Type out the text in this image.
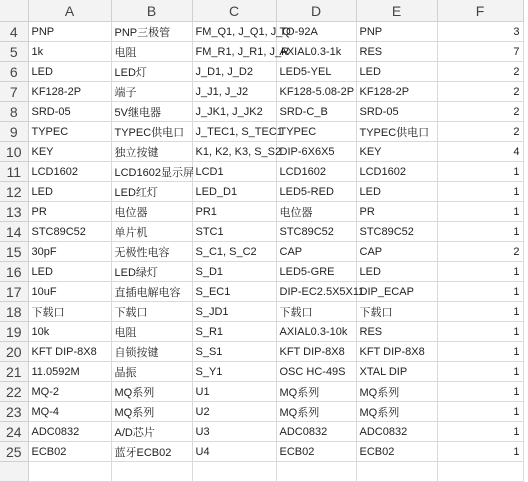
	A	B	C	D	E	F
4	PNP	PNP三极管	FM_Q1, J_Q1, J_Q	TO-92A	PNP	3
5	1k	电阻	FM_R1, J_R1, J_R	AXIAL0.3-1k	RES	7
6	LED	LED灯	J_D1, J_D2	LED5-YEL	LED	2
7	KF128-2P	端子	J_J1, J_J2	KF128-5.08-2P	KF128-2P	2
8	SRD-05	5V继电器	J_JK1, J_JK2	SRD-C_B	SRD-05	2
9	TYPEC	TYPEC供电口	J_TEC1, S_TEC1	TYPEC	TYPEC供电口	2
10	KEY	独立按键	K1, K2, K3, S_S2	DIP-6X6X5	KEY	4
11	LCD1602	LCD1602显示屏	LCD1	LCD1602	LCD1602	1
12	LED	LED红灯	LED_D1	LED5-RED	LED	1
13	PR	电位器	PR1	电位器	PR	1
14	STC89C52	单片机	STC1	STC89C52	STC89C52	1
15	30pF	无极性电容	S_C1, S_C2	CAP	CAP	2
16	LED	LED绿灯	S_D1	LED5-GRE	LED	1
17	10uF	直插电解电容	S_EC1	DIP-EC2.5X5X11	DIP_ECAP	1
18	下载口	下载口	S_JD1	下载口	下载口	1
19	10k	电阻	S_R1	AXIAL0.3-10k	RES	1
20	KFT DIP-8X8	自锁按键	S_S1	KFT DIP-8X8	KFT DIP-8X8	1
21	11.0592M	晶振	S_Y1	OSC HC-49S	XTAL DIP	1
22	MQ-2	MQ系列	U1	MQ系列	MQ系列	1
23	MQ-4	MQ系列	U2	MQ系列	MQ系列	1
24	ADC0832	A/D芯片	U3	ADC0832	ADC0832	1
25	ECB02	蓝牙ECB02	U4	ECB02	ECB02	1
